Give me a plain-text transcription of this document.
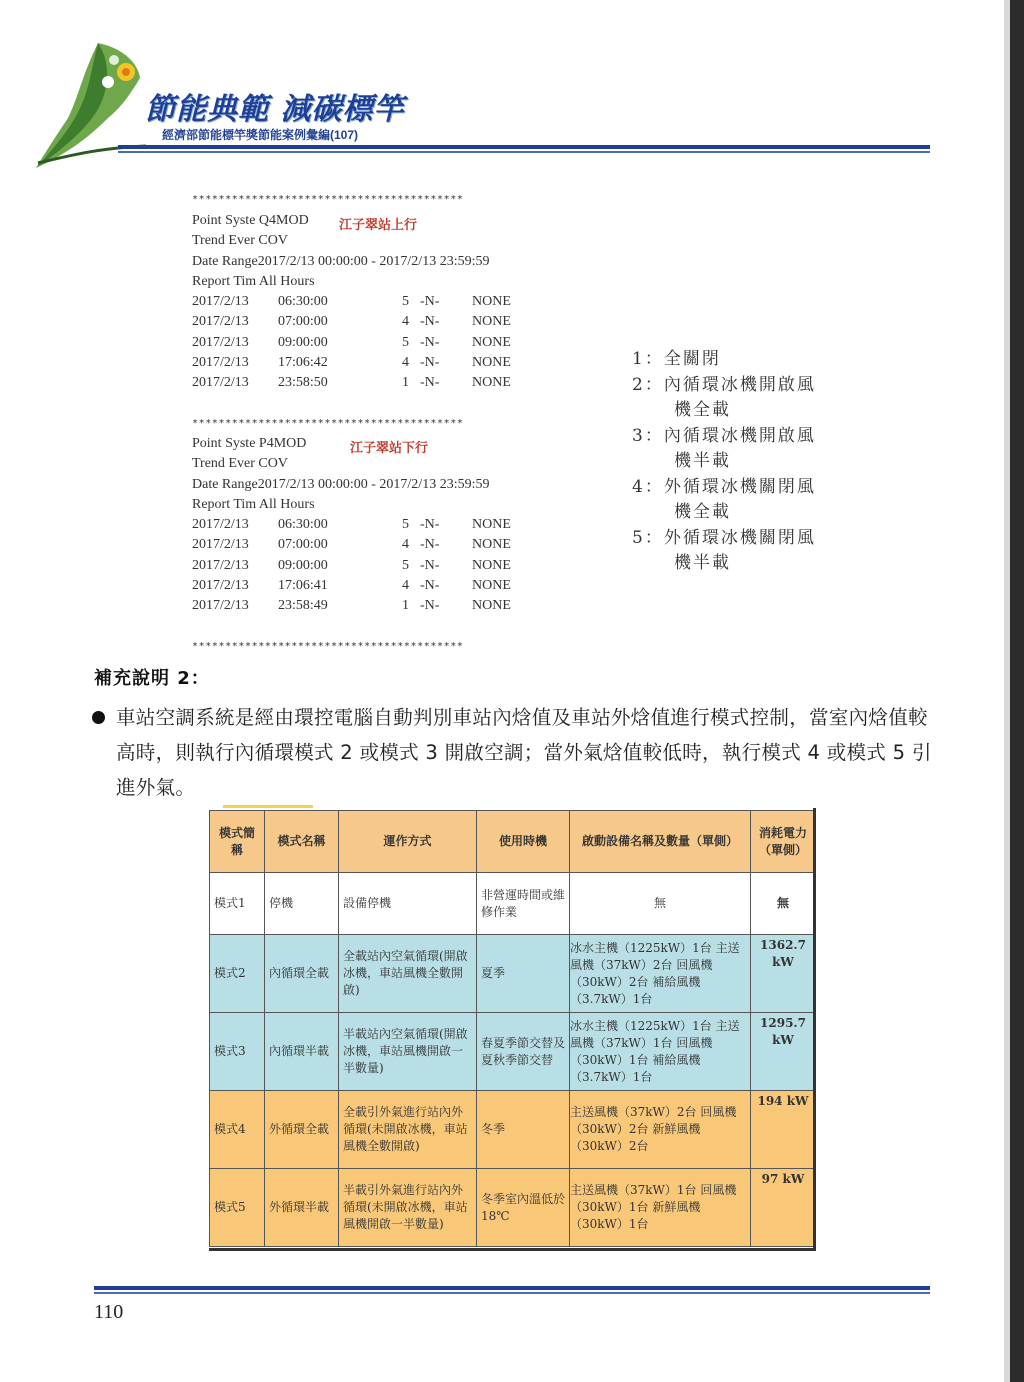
節能典範 減碳標竿
經濟部節能標竿獎節能案例彙編(107)
*****************************************
Point Syste Q4MOD 江子翠站上行
Trend Ever COV
Date Range2017/2/13 00:00:00 - 2017/2/13 23:59:59
Report Tim All Hours
2017/2/13 06:30:00	5 -N- NONE
2017/2/13 07:00:00	4 -N- NONE
2017/2/13 09:00:00	5 -N- NONE
2017/2/13 17:06:42	4 -N- NONE
2017/2/13 23:58:50	1 -N- NONE
*****************************************
Point Syste P4MOD	江子翠站下行
Trend Ever COV
Date Range2017/2/13 00:00:00 - 2017/2/13 23:59:59
Report Tim All Hours
2017/2/13 06:30:00	5 -N- NONE
2017/2/13 07:00:00	4 -N- NONE
2017/2/13 09:00:00	5 -N- NONE
2017/2/13 17:06:41	4 -N- NONE
2017/2/13 23:58:49	1 -N- NONE
*****************************************
1：全關閉
2：內循環冰機開啟風
機全載
3：內循環冰機開啟風
機半載
4：外循環冰機關閉風
機全載
5：外循環冰機關閉風
機半載
補充說明 2：
車站空調系統是經由環控電腦自動判別車站內焓值及車站外焓值進行模式控制，當室內焓值較高時，則執行內循環模式 2 或模式 3 開啟空調；當外氣焓值較低時，執行模式 4 或模式 5 引進外氣。
模式簡稱	模式名稱	運作方式	使用時機	啟動設備名稱及數量（單側）	消耗電力（單側）
模式1	停機	設備停機	非營運時間或維修作業	無	無
模式2	內循環全載	全載站內空氣循環(開啟冰機，車站風機全數開啟)	夏季	冰水主機（1225kW）1台 主送風機（37kW）2台 回風機　（30kW）2台 補給風機（3.7kW）1台	1362.7 kW
模式3	內循環半載	半載站內空氣循環(開啟冰機，車站風機開啟一半數量)	春夏季節交替及夏秋季節交替	冰水主機（1225kW）1台 主送風機（37kW）1台 回風機　（30kW）1台 補給風機（3.7kW）1台	1295.7 kW
模式4	外循環全載	全載引外氣進行站內外循環(未開啟冰機，車站風機全數開啟)	冬季	主送風機（37kW）2台 回風機　（30kW）2台 新鮮風機（30kW）2台	194 kW
模式5	外循環半載	半載引外氣進行站內外循環(未開啟冰機，車站風機開啟一半數量)	冬季室內溫低於18℃	主送風機（37kW）1台 回風機　（30kW）1台 新鮮風機（30kW）1台	97 kW
110
